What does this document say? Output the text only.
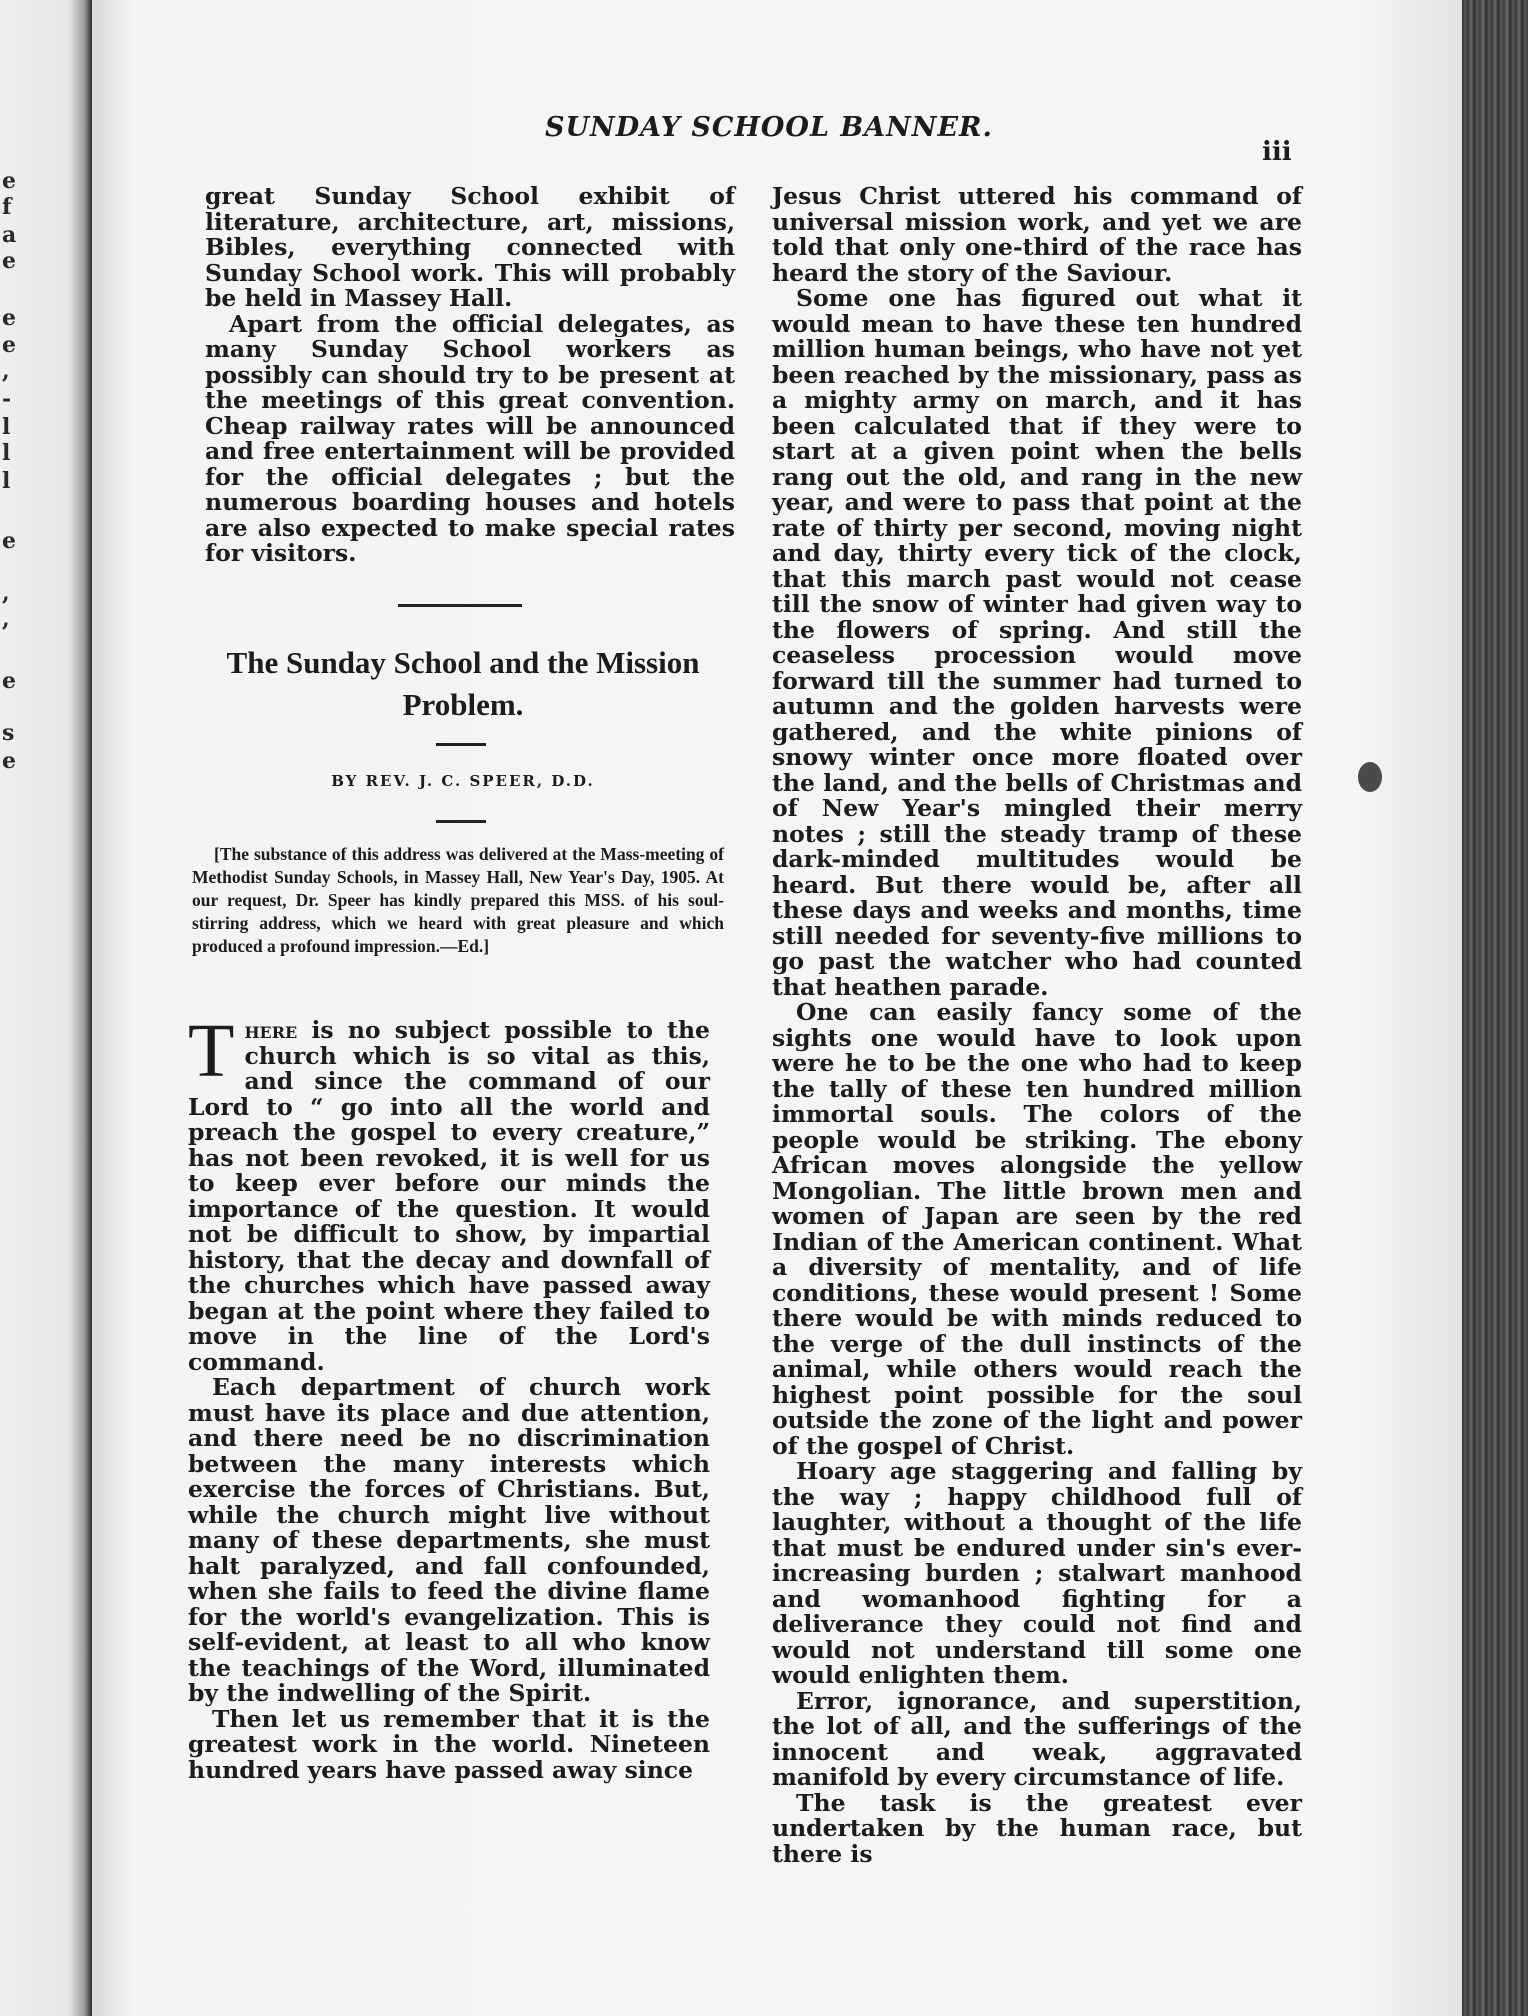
e
f
a
e
e
e
,
-
l
l
l
e
,
,
e
s
e
SUNDAY SCHOOL BANNER.
iii

great Sunday School exhibit of literature, architecture, art, missions, Bibles, everything connected with Sunday School work. This will probably be held in Massey Hall.

Apart from the official delegates, as many Sunday School workers as possibly can should try to be present at the meetings of this great convention. Cheap railway rates will be announced and free entertainment will be provided for the official delegates ; but the numerous boarding houses and hotels are also expected to make special rates for visitors.

The Sunday School and the Mission
Problem.
BY REV. J. C. SPEER, D.D.
[The substance of this address was delivered at the Mass-meeting of Methodist Sunday Schools, in Massey Hall, New Year's Day, 1905. At our request, Dr. Speer has kindly prepared this MSS. of his soul-stirring address, which we heard with great pleasure and which produced a profound impression.—Ed.]

There is no subject possible to the church which is so vital as this, and since the command of our Lord to “ go into all the world and preach the gospel to every creature,” has not been revoked, it is well for us to keep ever before our minds the importance of the question. It would not be difficult to show, by impartial history, that the decay and downfall of the churches which have passed away began at the point where they failed to move in the line of the Lord's command.

Each department of church work must have its place and due attention, and there need be no discrimination between the many interests which exercise the forces of Christians. But, while the church might live without many of these departments, she must halt paralyzed, and fall confounded, when she fails to feed the divine flame for the world's evangelization. This is self-evident, at least to all who know the teachings of the Word, illuminated by the indwelling of the Spirit.

Then let us remember that it is the greatest work in the world. Nineteen hundred years have passed away since

Jesus Christ uttered his command of universal mission work, and yet we are told that only one-third of the race has heard the story of the Saviour.

Some one has figured out what it would mean to have these ten hundred million human beings, who have not yet been reached by the missionary, pass as a mighty army on march, and it has been calculated that if they were to start at a given point when the bells rang out the old, and rang in the new year, and were to pass that point at the rate of thirty per second, moving night and day, thirty every tick of the clock, that this march past would not cease till the snow of winter had given way to the flowers of spring. And still the ceaseless procession would move forward till the summer had turned to autumn and the golden harvests were gathered, and the white pinions of snowy winter once more floated over the land, and the bells of Christmas and of New Year's mingled their merry notes ; still the steady tramp of these dark-minded multitudes would be heard. But there would be, after all these days and weeks and months, time still needed for seventy-five millions to go past the watcher who had counted that heathen parade.

One can easily fancy some of the sights one would have to look upon were he to be the one who had to keep the tally of these ten hundred million immortal souls. The colors of the people would be striking. The ebony African moves alongside the yellow Mongolian. The little brown men and women of Japan are seen by the red Indian of the American continent. What a diversity of mentality, and of life conditions, these would present ! Some there would be with minds reduced to the verge of the dull instincts of the animal, while others would reach the highest point possible for the soul outside the zone of the light and power of the gospel of Christ.

Hoary age staggering and falling by the way ; happy childhood full of laughter, without a thought of the life that must be endured under sin's ever-increasing burden ; stalwart manhood and womanhood fighting for a deliverance they could not find and would not understand till some one would enlighten them.

Error, ignorance, and superstition, the lot of all, and the sufferings of the innocent and weak, aggravated manifold by every circumstance of life.

The task is the greatest ever undertaken by the human race, but there is
